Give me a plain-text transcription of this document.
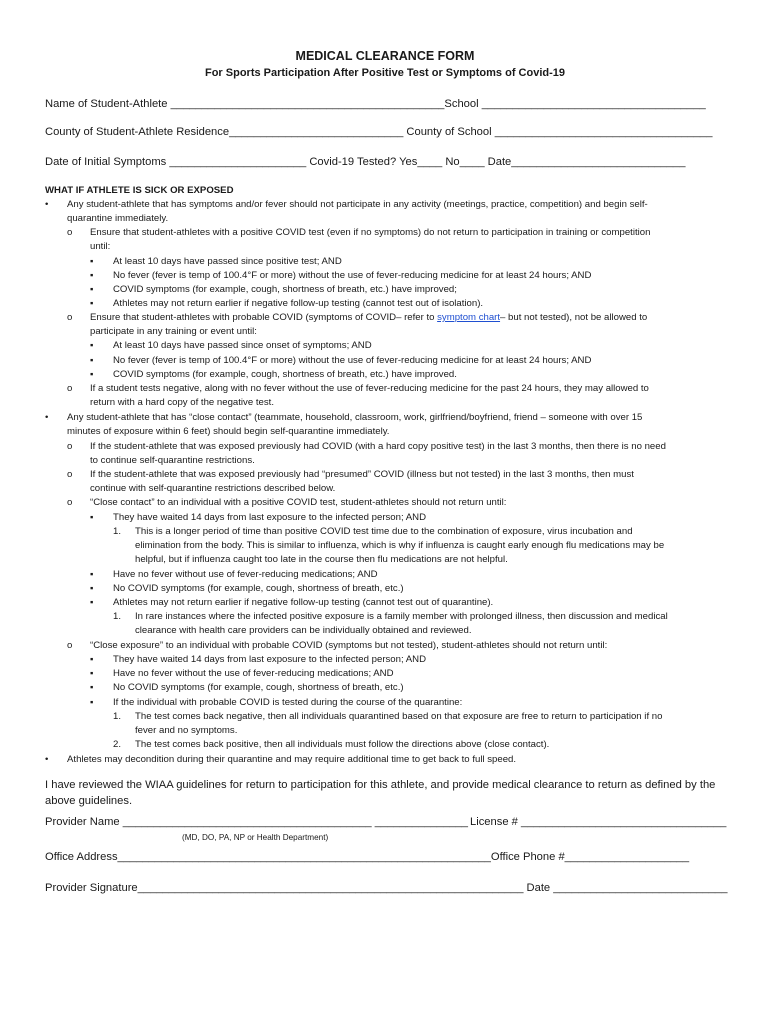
MEDICAL CLEARANCE FORM
For Sports Participation After Positive Test or Symptoms of Covid-19
Name of Student-Athlete ____________________________________________School ____________________________________
County of Student-Athlete Residence____________________________ County of School ___________________________________
Date of Initial Symptoms ______________________ Covid-19 Tested? Yes____ No____ Date____________________________
WHAT IF ATHLETE IS SICK OR EXPOSED
• Any student-athlete that has symptoms and/or fever should not participate in any activity (meetings, practice, competition) and begin self-
quarantine immediately.
o Ensure that student-athletes with a positive COVID test (even if no symptoms) do not return to participation in training or competition
until:
▪ At least 10 days have passed since positive test; AND
▪ No fever (fever is temp of 100.4°F or more) without the use of fever-reducing medicine for at least 24 hours; AND
▪ COVID symptoms (for example, cough, shortness of breath, etc.) have improved;
▪ Athletes may not return earlier if negative follow-up testing (cannot test out of isolation).
o Ensure that student-athletes with probable COVID (symptoms of COVID– refer to symptom chart– but not tested), not be allowed to
participate in any training or event until:
▪ At least 10 days have passed since onset of symptoms; AND
▪ No fever (fever is temp of 100.4°F or more) without the use of fever-reducing medicine for at least 24 hours; AND
▪ COVID symptoms (for example, cough, shortness of breath, etc.) have improved.
o If a student tests negative, along with no fever without the use of fever-reducing medicine for the past 24 hours, they may allowed to
return with a hard copy of the negative test.
• Any student-athlete that has “close contact” (teammate, household, classroom, work, girlfriend/boyfriend, friend – someone with over 15
minutes of exposure within 6 feet) should begin self-quarantine immediately.
o If the student-athlete that was exposed previously had COVID (with a hard copy positive test) in the last 3 months, then there is no need
to continue self-quarantine restrictions.
o If the student-athlete that was exposed previously had “presumed” COVID (illness but not tested) in the last 3 months, then must
continue with self-quarantine restrictions described below.
o “Close contact” to an individual with a positive COVID test, student-athletes should not return until:
▪ They have waited 14 days from last exposure to the infected person; AND
1. This is a longer period of time than positive COVID test time due to the combination of exposure, virus incubation and
elimination from the body. This is similar to influenza, which is why if influenza is caught early enough flu medications may be
helpful, but if influenza caught too late in the course then flu medications are not helpful.
▪ Have no fever without use of fever-reducing medications; AND
▪ No COVID symptoms (for example, cough, shortness of breath, etc.)
▪ Athletes may not return earlier if negative follow-up testing (cannot test out of quarantine).
1. In rare instances where the infected positive exposure is a family member with prolonged illness, then discussion and medical
clearance with health care providers can be individually obtained and reviewed.
o “Close exposure” to an individual with probable COVID (symptoms but not tested), student-athletes should not return until:
▪ They have waited 14 days from last exposure to the infected person; AND
▪ Have no fever without the use of fever-reducing medications; AND
▪ No COVID symptoms (for example, cough, shortness of breath, etc.)
▪ If the individual with probable COVID is tested during the course of the quarantine:
1. The test comes back negative, then all individuals quarantined based on that exposure are free to return to participation if no
fever and no symptoms.
2. The test comes back positive, then all individuals must follow the directions above (close contact).
• Athletes may decondition during their quarantine and may require additional time to get back to full speed.
I have reviewed the WIAA guidelines for return to participation for this athlete, and provide medical clearance to return as defined by the above guidelines.
Provider Name ________________________________________ _______________ License # _________________________________
(MD, DO, PA, NP or Health Department)
Office Address____________________________________________________________Office Phone #____________________
Provider Signature______________________________________________________________ Date ____________________________
